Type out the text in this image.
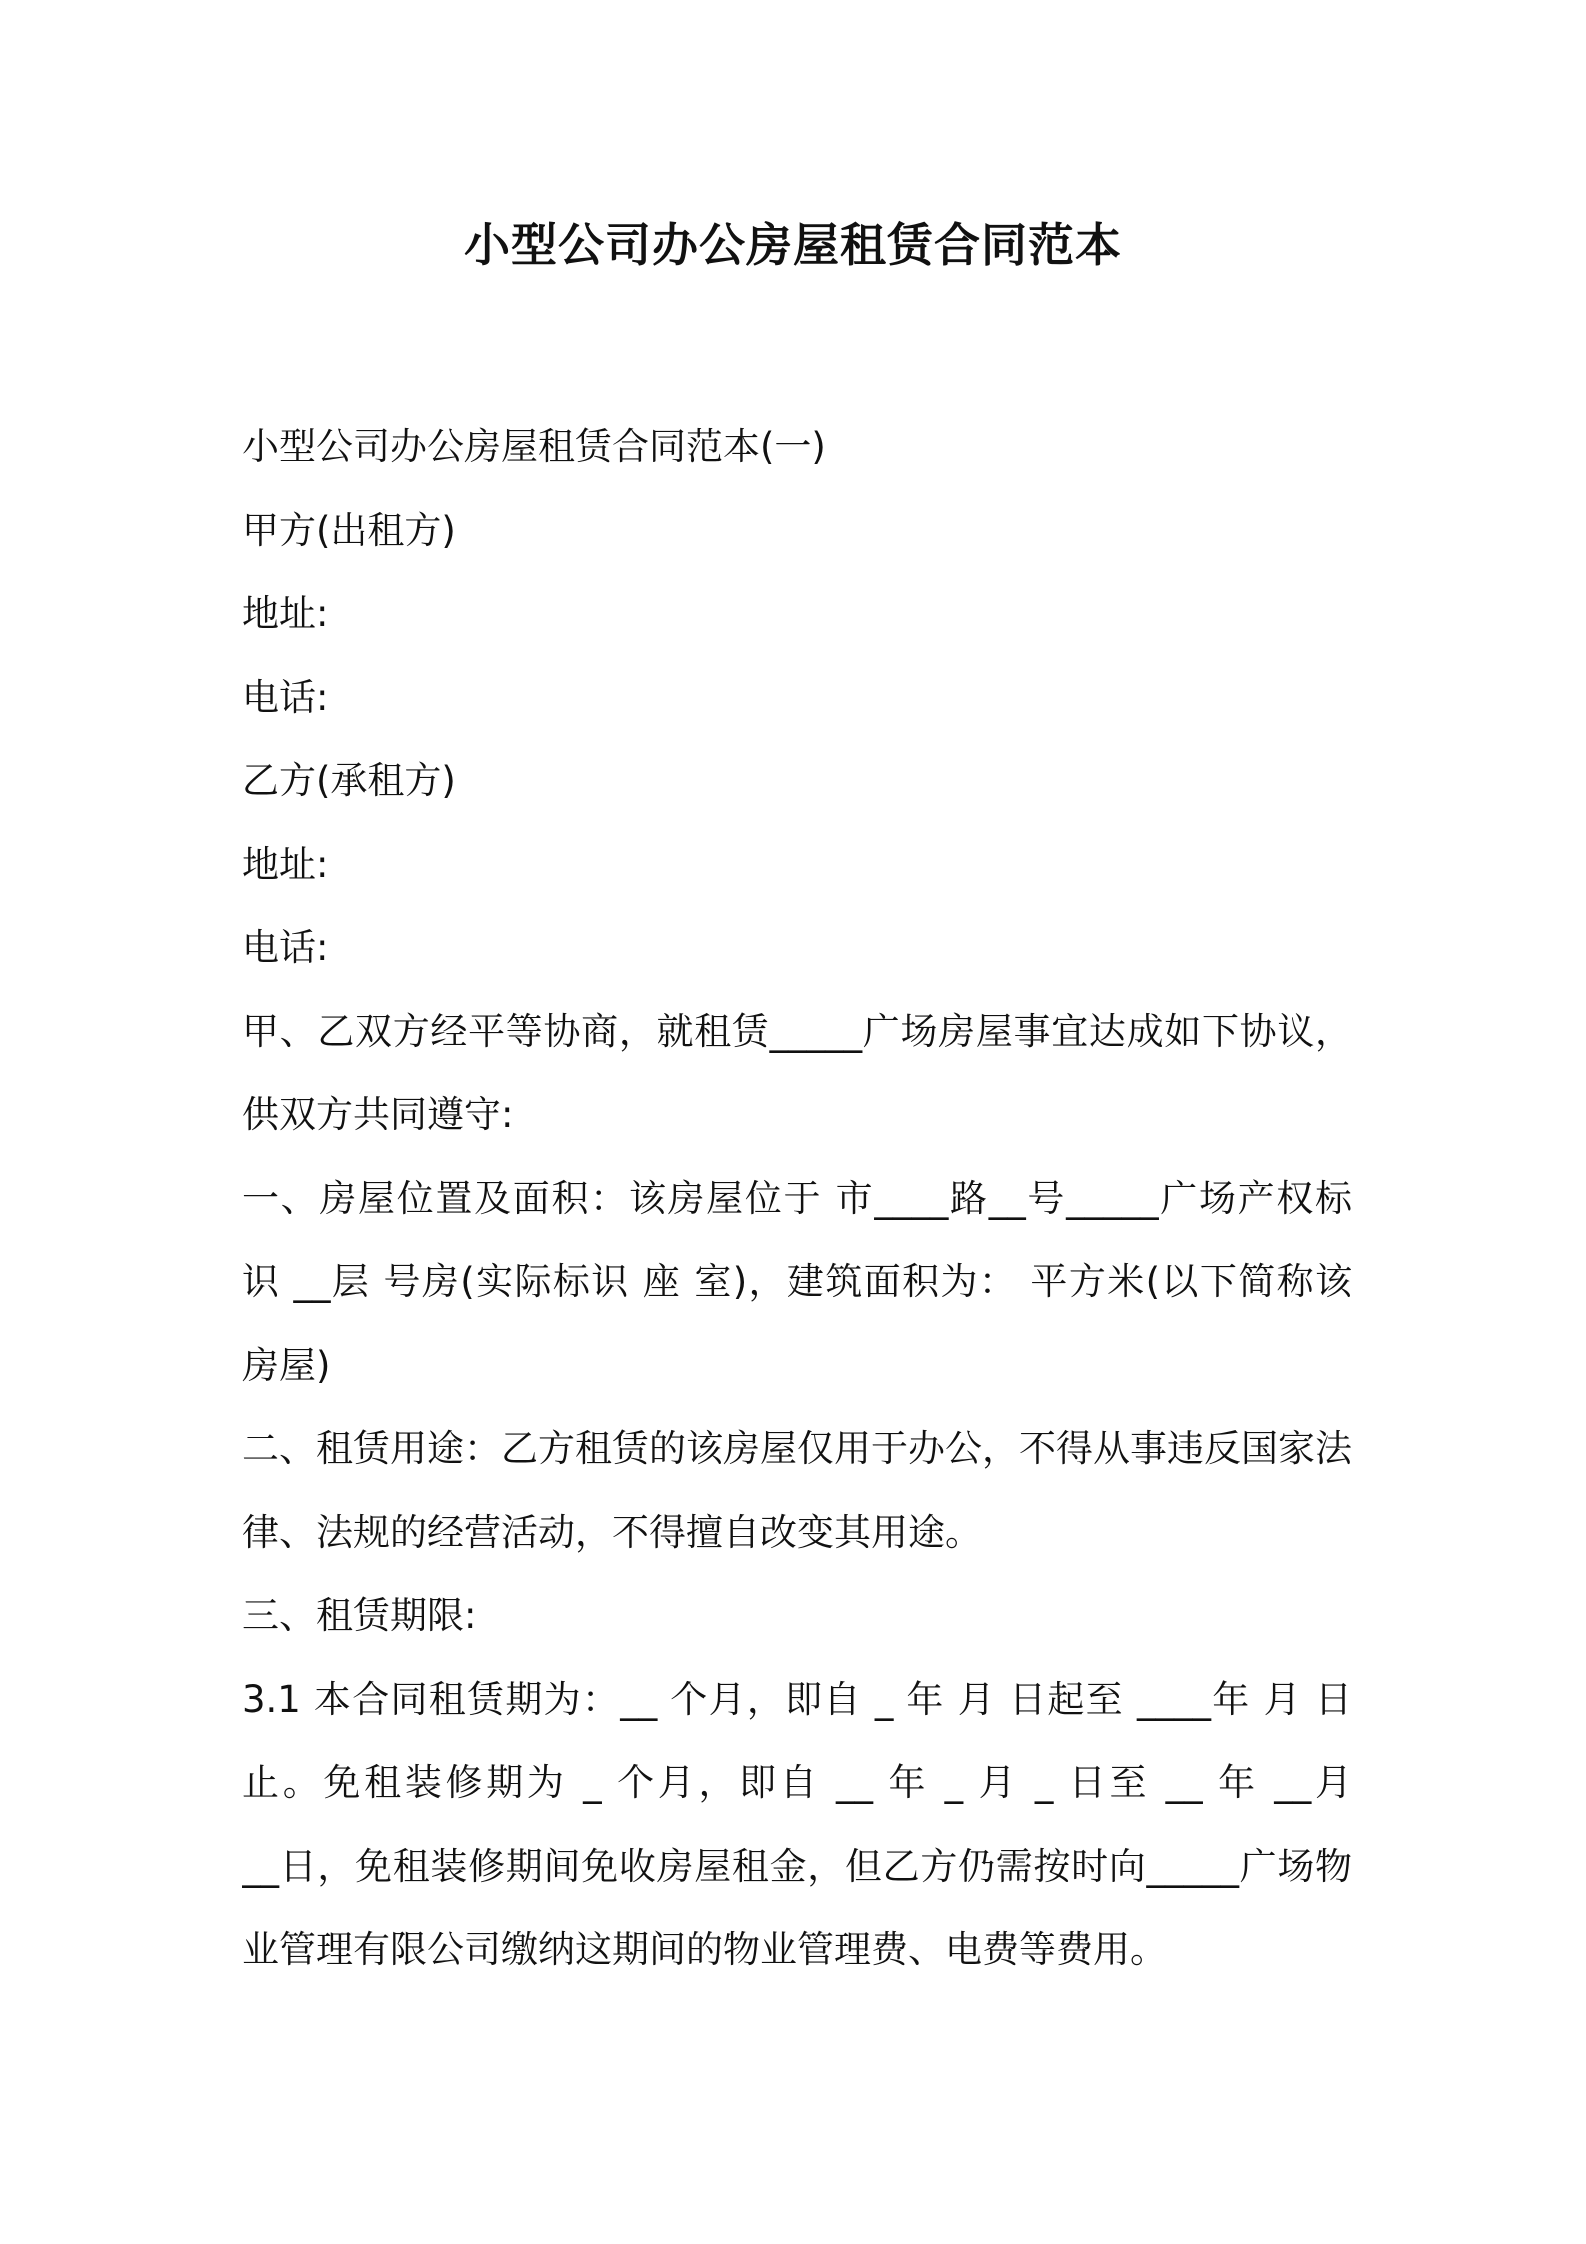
小型公司办公房屋租赁合同范本
小型公司办公房屋租赁合同范本(一)
甲方(出租方)
地址:
电话:
乙方(承租方)
地址:
电话:
甲、乙双方经平等协商，就租赁_____广场房屋事宜达成如下协议，
供双方共同遵守:
一、房屋位置及面积：该房屋位于 市____路__号_____广场产权标
识 __层 号房(实际标识 座 室)，建筑面积为： 平方米(以下简称该
房屋)
二、租赁用途：乙方租赁的该房屋仅用于办公，不得从事违反国家法
律、法规的经营活动，不得擅自改变其用途。
三、租赁期限:
3.1 本合同租赁期为：__ 个月，即自 _ 年 月 日起至 ____年 月 日
止。免租装修期为 _ 个月，即自 __ 年 _ 月 _ 日至 __ 年 __月
__日，免租装修期间免收房屋租金，但乙方仍需按时向_____广场物
业管理有限公司缴纳这期间的物业管理费、电费等费用。
